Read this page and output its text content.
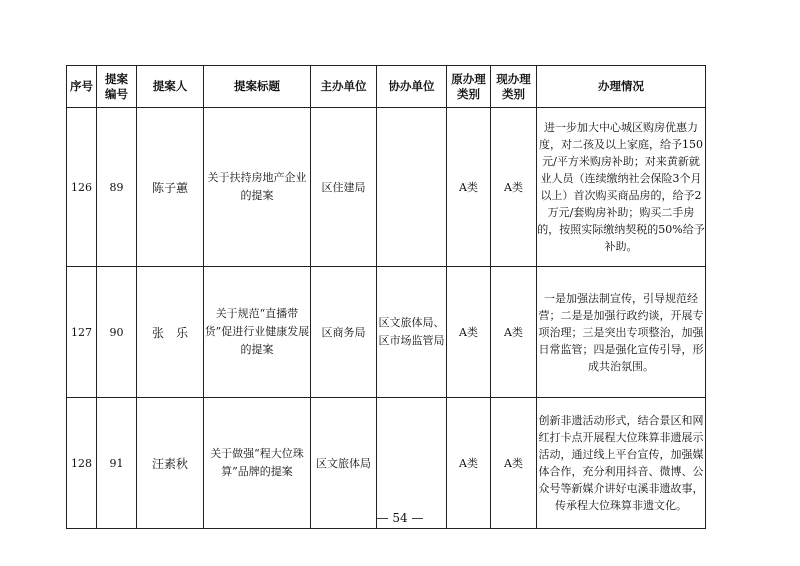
序号	提案编号	提案人	提案标题	主办单位	协办单位	原办理类别	现办理类别	办理情况
126	89	陈子蕙	关于扶持房地产企业的提案	区住建局		A类	A类	进一步加大中心城区购房优惠力度，对二孩及以上家庭，给予150元/平方米购房补助；对来黄新就业人员（连续缴纳社会保险3个月以上）首次购买商品房的，给予2万元/套购房补助；购买二手房的，按照实际缴纳契税的50%给予补助。
127	90	张　乐	关于规范“直播带货”促进行业健康发展的提案	区商务局	区文旅体局、区市场监管局	A类	A类	一是加强法制宣传，引导规范经营；二是是加强行政约谈，开展专项治理；三是突出专项整治，加强日常监管；四是强化宣传引导，形成共治氛围。
128	91	汪素秋	关于做强“程大位珠算”品牌的提案	区文旅体局		A类	A类	创新非遗活动形式，结合景区和网红打卡点开展程大位珠算非遗展示活动，通过线上平台宣传，加强媒体合作，充分利用抖音、微博、公众号等新媒介讲好屯溪非遗故事，传承程大位珠算非遗文化。
— 54 —
